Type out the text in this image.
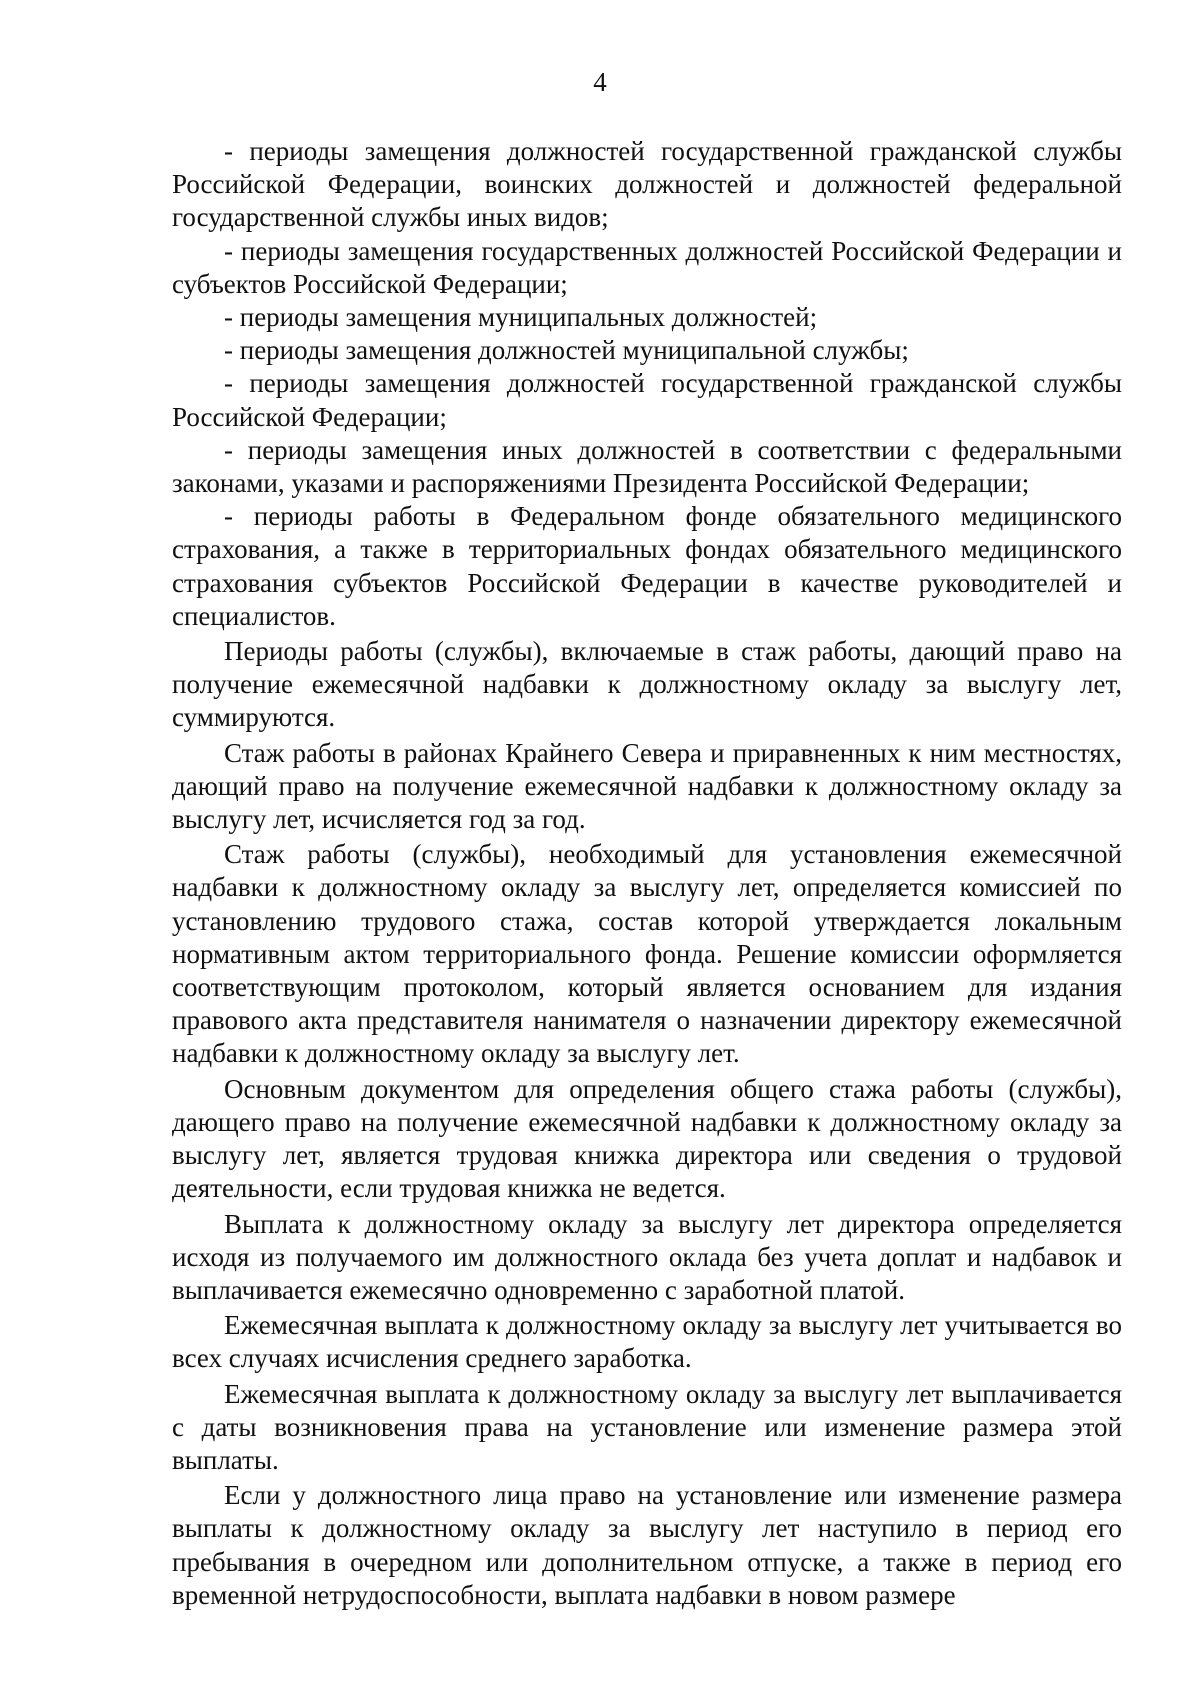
4

- периоды замещения должностей государственной гражданской службы Российской Федерации, воинских должностей и должностей федеральной государственной службы иных видов;

- периоды замещения государственных должностей Российской Федерации и субъектов Российской Федерации;

- периоды замещения муниципальных должностей;

- периоды замещения должностей муниципальной службы;

- периоды замещения должностей государственной гражданской службы Российской Федерации;

- периоды замещения иных должностей в соответствии с федеральными законами, указами и распоряжениями Президента Российской Федерации;

- периоды работы в Федеральном фонде обязательного медицинского страхования, а также в территориальных фондах обязательного медицинского страхования субъектов Российской Федерации в качестве руководителей и специалистов.

Периоды работы (службы), включаемые в стаж работы, дающий право на получение ежемесячной надбавки к должностному окладу за выслугу лет, суммируются.

Стаж работы в районах Крайнего Севера и приравненных к ним местностях, дающий право на получение ежемесячной надбавки к должностному окладу за выслугу лет, исчисляется год за год.

Стаж работы (службы), необходимый для установления ежемесячной надбавки к должностному окладу за выслугу лет, определяется комиссией по установлению трудового стажа, состав которой утверждается локальным нормативным актом территориального фонда. Решение комиссии оформляется соответствующим протоколом, который является основанием для издания правового акта представителя нанимателя о назначении директору ежемесячной надбавки к должностному окладу за выслугу лет.

Основным документом для определения общего стажа работы (службы), дающего право на получение ежемесячной надбавки к должностному окладу за выслугу лет, является трудовая книжка директора или сведения о трудовой деятельности, если трудовая книжка не ведется.

Выплата к должностному окладу за выслугу лет директора определяется исходя из получаемого им должностного оклада без учета доплат и надбавок и выплачивается ежемесячно одновременно с заработной платой.

Ежемесячная выплата к должностному окладу за выслугу лет учитывается во всех случаях исчисления среднего заработка.

Ежемесячная выплата к должностному окладу за выслугу лет выплачивается с даты возникновения права на установление или изменение размера этой выплаты.

Если у должностного лица право на установление или изменение размера выплаты к должностному окладу за выслугу лет наступило в период его пребывания в очередном или дополнительном отпуске, а также в период его временной нетрудоспособности, выплата надбавки в новом размере
